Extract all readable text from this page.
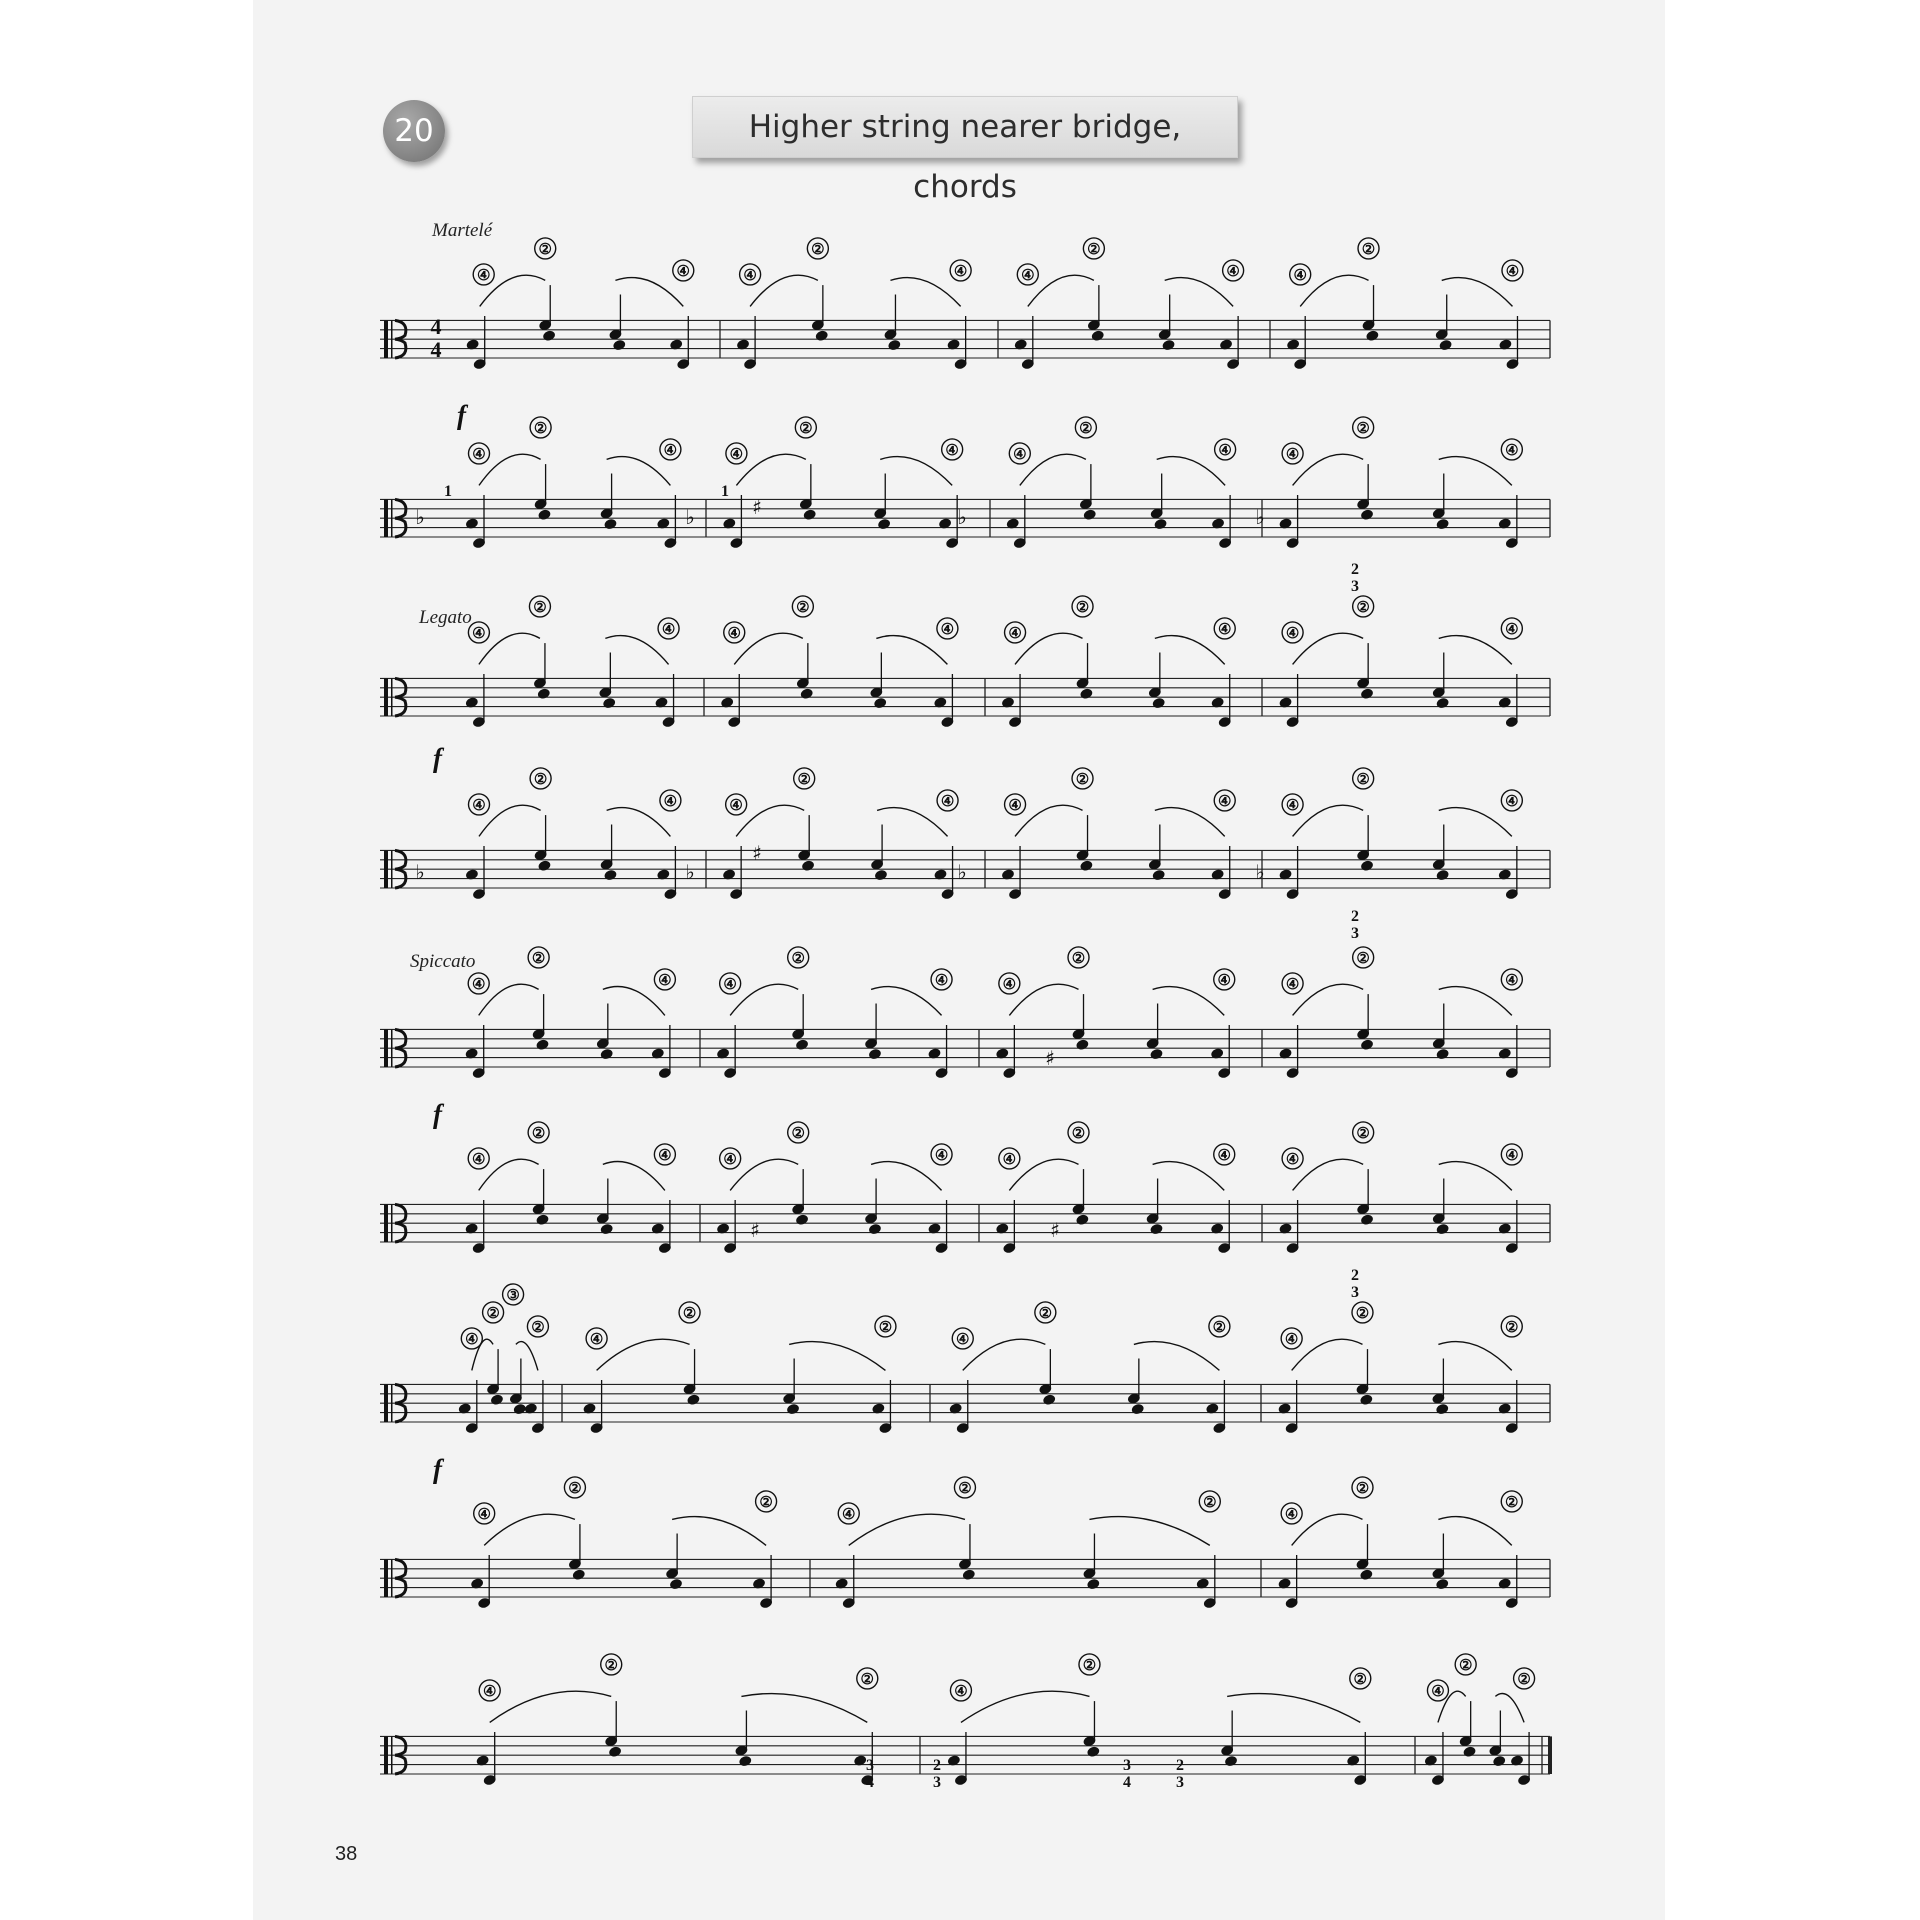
20	Higher string nearer bridge, chords
④
②
④	④
②
④	④
②
④	④
②
④
④
②
④	④
②
④	④
②
④	④
②
④
④
②
④	④
②
④	④
②
④	④
②
④
④
②
④	④
②
④	④
②
④	④
②
④
④
②
④	④
②
④	④
②
④	④
②
④
④
②
④	④
②
④	④
②
④	④
②
④
④
②
②
③
④
②
②
④
②
②
④
②
②
④
②
②
④
②
②
④
②
②
④
②
②
④
②
②
④
②
②
♭	♭	♭	♭
♭	♭	♭	♭
♯
♯
♯
♯	♯
1	1
2
3
2
3
2
3
3
4
2
3
3
4
2
3
Martelé
Legato
Spiccato
f
f
f
f
4
4
38
